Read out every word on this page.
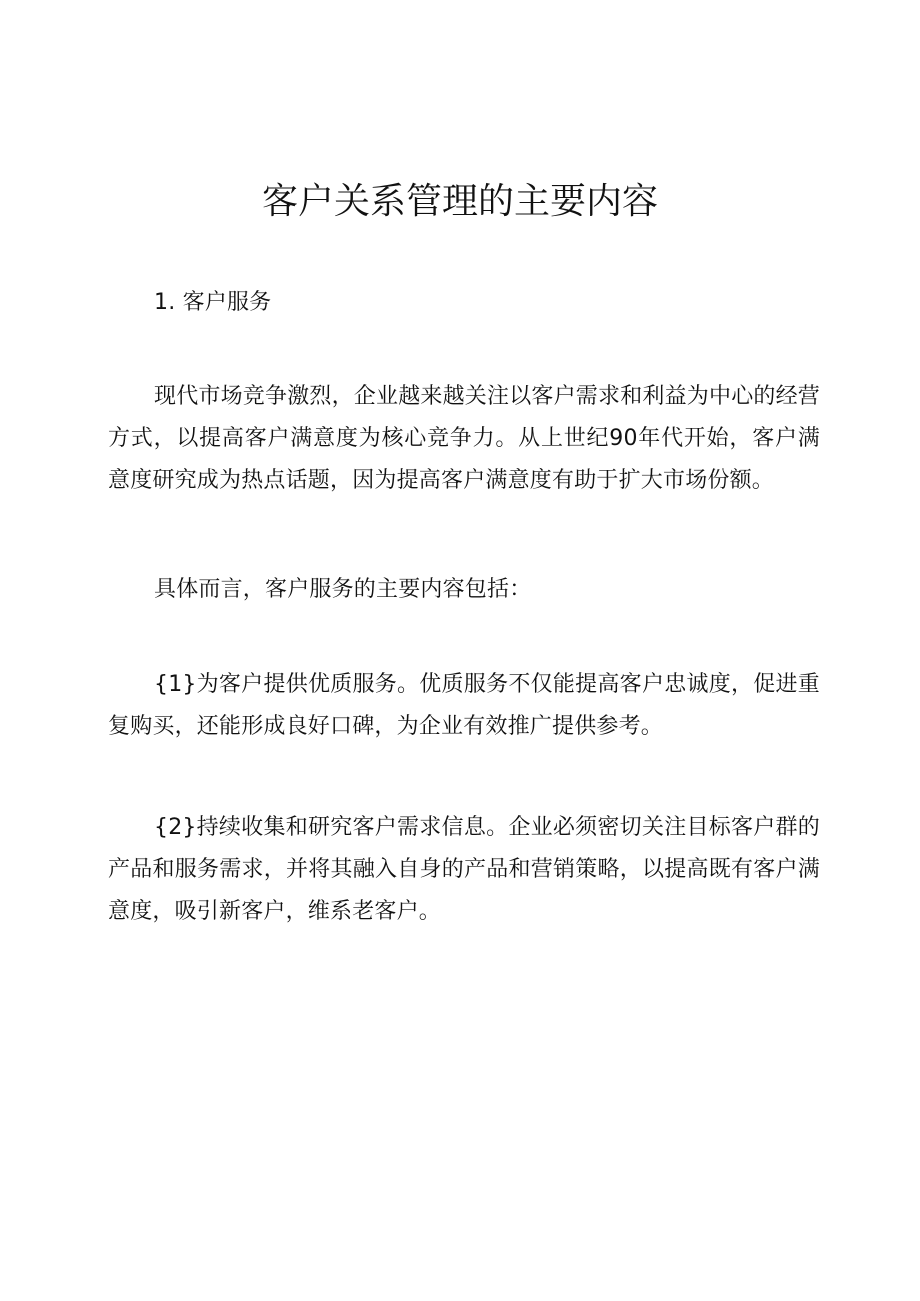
客户关系管理的主要内容

1. 客户服务

现代市场竞争激烈，企业越来越关注以客户需求和利益为中心的经营方式，以提高客户满意度为核心竞争力。从上世纪90年代开始，客户满意度研究成为热点话题，因为提高客户满意度有助于扩大市场份额。

具体而言，客户服务的主要内容包括：

{1}为客户提供优质服务。优质服务不仅能提高客户忠诚度，促进重复购买，还能形成良好口碑，为企业有效推广提供参考。

{2}持续收集和研究客户需求信息。企业必须密切关注目标客户群的产品和服务需求，并将其融入自身的产品和营销策略，以提高既有客户满意度，吸引新客户，维系老客户。
